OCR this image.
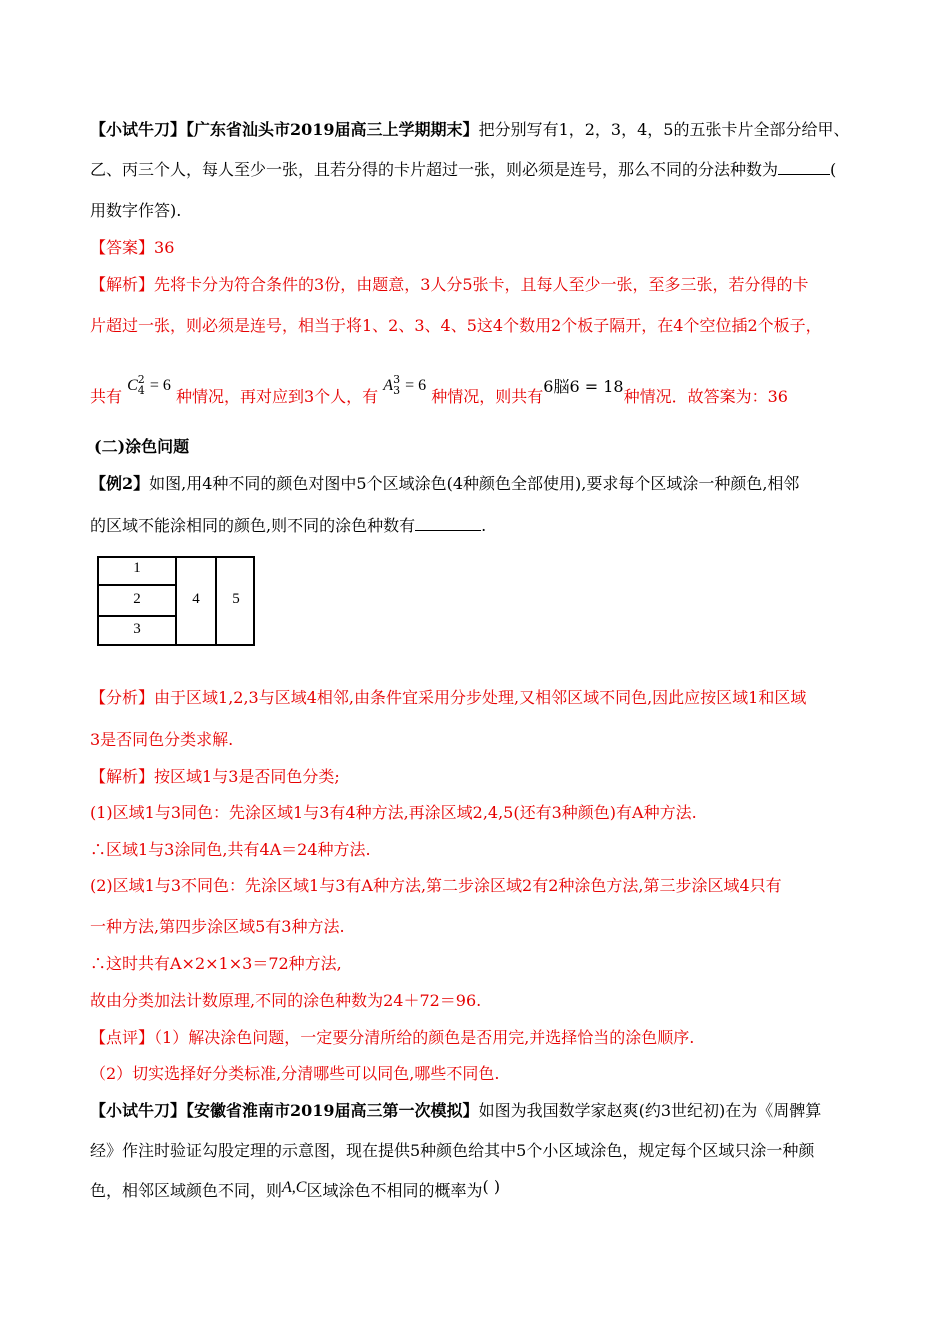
【小试牛刀】【广东省汕头市2019届高三上学期期末】把分别写有1，2，3，4，5的五张卡片全部分给甲、
乙、丙三个人，每人至少一张，且若分得的卡片超过一张，则必须是连号，那么不同的分法种数为	(
用数字作答).
【答案】36
【解析】先将卡分为符合条件的3份，由题意，3人分5张卡，且每人至少一张，至多三张，若分得的卡
片超过一张，则必须是连号，相当于将1、2、3、4、5这4个数用2个板子隔开，在4个空位插2个板子，
共有 $C^2_4 = 6$ 种情况，再对应到3个人，有 $A^3_3 = 6$ 种情况，则共有6脳6 = 18种情况．故答案为：36
(二)涂色问题
【例2】如图,用4种不同的颜色对图中5个区域涂色(4种颜色全部使用),要求每个区域涂一种颜色,相邻
的区域不能涂相同的颜色,则不同的涂色种数有	.
1
2
3
4	5
【分析】由于区域1,2,3与区域4相邻,由条件宜采用分步处理,又相邻区域不同色,因此应按区域1和区域
3是否同色分类求解.
【解析】按区域1与3是否同色分类;
(1)区域1与3同色：先涂区域1与3有4种方法,再涂区域2,4,5(还有3种颜色)有A种方法.
∴区域1与3涂同色,共有4A＝24种方法.
(2)区域1与3不同色：先涂区域1与3有A种方法,第二步涂区域2有2种涂色方法,第三步涂区域4只有
一种方法,第四步涂区域5有3种方法.
∴这时共有A×2×1×3＝72种方法,
故由分类加法计数原理,不同的涂色种数为24＋72＝96.
【点评】（1）解决涂色问题，一定要分清所给的颜色是否用完,并选择恰当的涂色顺序.
（2）切实选择好分类标准,分清哪些可以同色,哪些不同色.
【小试牛刀】【安徽省淮南市2019届高三第一次模拟】如图为我国数学家赵爽(约3世纪初)在为《周髀算
经》作注时验证勾股定理的示意图，现在提供5种颜色给其中5个小区域涂色，规定每个区域只涂一种颜
色，相邻区域颜色不同，则A,C区域涂色不相同的概率为( )
